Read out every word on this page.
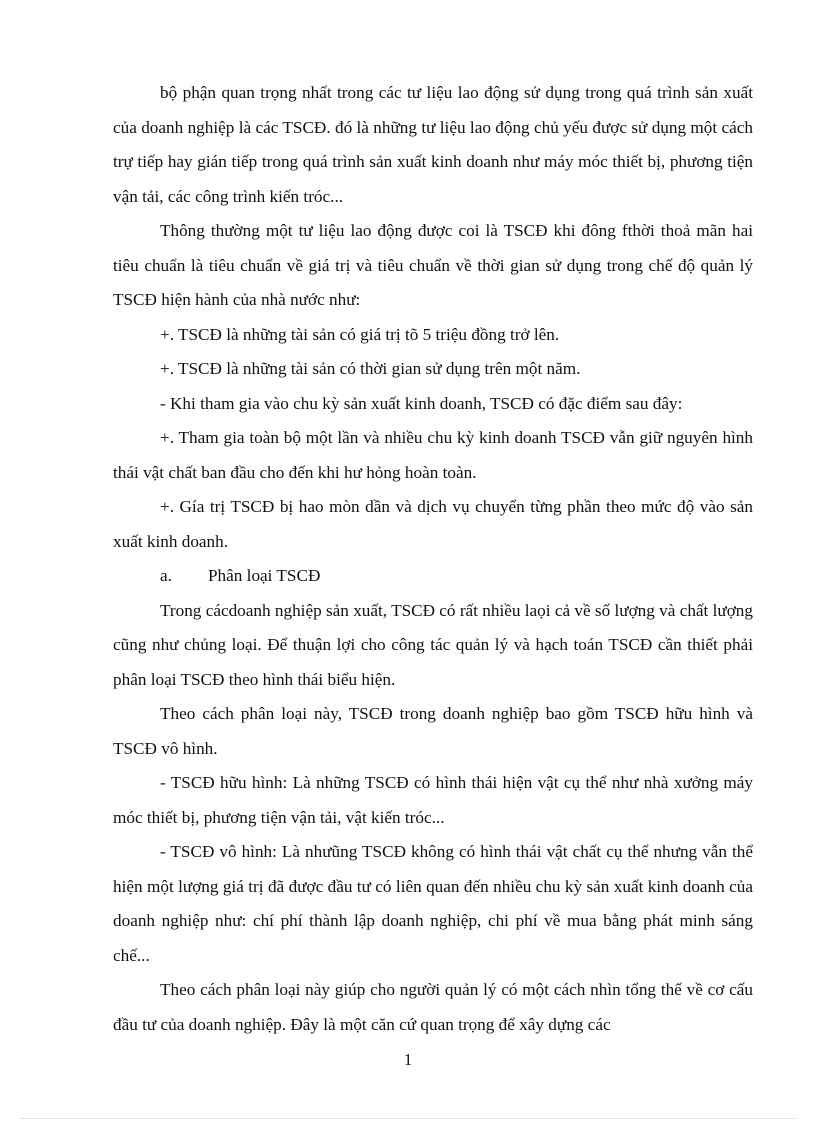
bộ phận quan trọng nhất trong các tư liệu lao động sử dụng trong quá trình sản xuất của doanh nghiệp là các TSCĐ. đó là những tư liệu lao động chủ yếu được sử dụng một cách trự tiếp hay gián tiếp trong quá trình sản xuất kinh doanh như máy móc thiết bị, phương tiện vận tải, các công trình kiến tróc...

Thông thường một tư liệu lao động được coi là TSCĐ khi đông fthời thoả mãn hai tiêu chuẩn là tiêu chuẩn về giá trị và tiêu chuẩn về thời gian sử dụng trong chế độ quản lý TSCĐ hiện hành của nhà nước như:

+. TSCĐ là những tài sản có giá trị tõ 5 triệu đồng trở lên.

+. TSCĐ là những tài sản có thời gian sử dụng trên một năm.

- Khi tham gia vào chu kỳ sản xuất kinh doanh, TSCĐ có đặc điểm sau đây:

+. Tham gia toàn bộ một lần và nhiều chu kỳ kinh doanh TSCĐ vẫn giữ nguyên hình thái vật chất ban đầu cho đến khi hư hỏng hoàn toàn.

+. Gía trị TSCĐ bị hao mòn dần và dịch vụ chuyển từng phần theo mức độ vào sản xuất kinh doanh.

a. Phân loại TSCĐ

Trong cácdoanh nghiệp sản xuất, TSCĐ có rất nhiều laọi cả về số lượng và chất lượng cũng như chủng loại. Để thuận lợi cho công tác quản lý và hạch toán TSCĐ cần thiết phải phân loại TSCĐ theo hình thái biểu hiện.

Theo cách phân loại này, TSCĐ trong doanh nghiệp bao gồm TSCĐ hữu hình và TSCĐ vô hình.

- TSCĐ hữu hình: Là những TSCĐ có hình thái hiện vật cụ thể như nhà xưởng máy móc thiết bị, phương tiện vận tải, vật kiến tróc...

- TSCĐ vô hình: Là nhưũng TSCĐ không có hình thái vật chất cụ thể nhưng vẫn thể hiện một lượng giá trị đã được đầu tư có liên quan đến nhiều chu kỳ sản xuất kinh doanh của doanh nghiệp như: chí phí thành lập doanh nghiệp, chi phí về mua bằng phát minh sáng chế...

Theo cách phân loại này giúp cho người quản lý có một cách nhìn tổng thể về cơ cấu đầu tư của doanh nghiệp. Đây là một căn cứ quan trọng để xây dựng các

1
